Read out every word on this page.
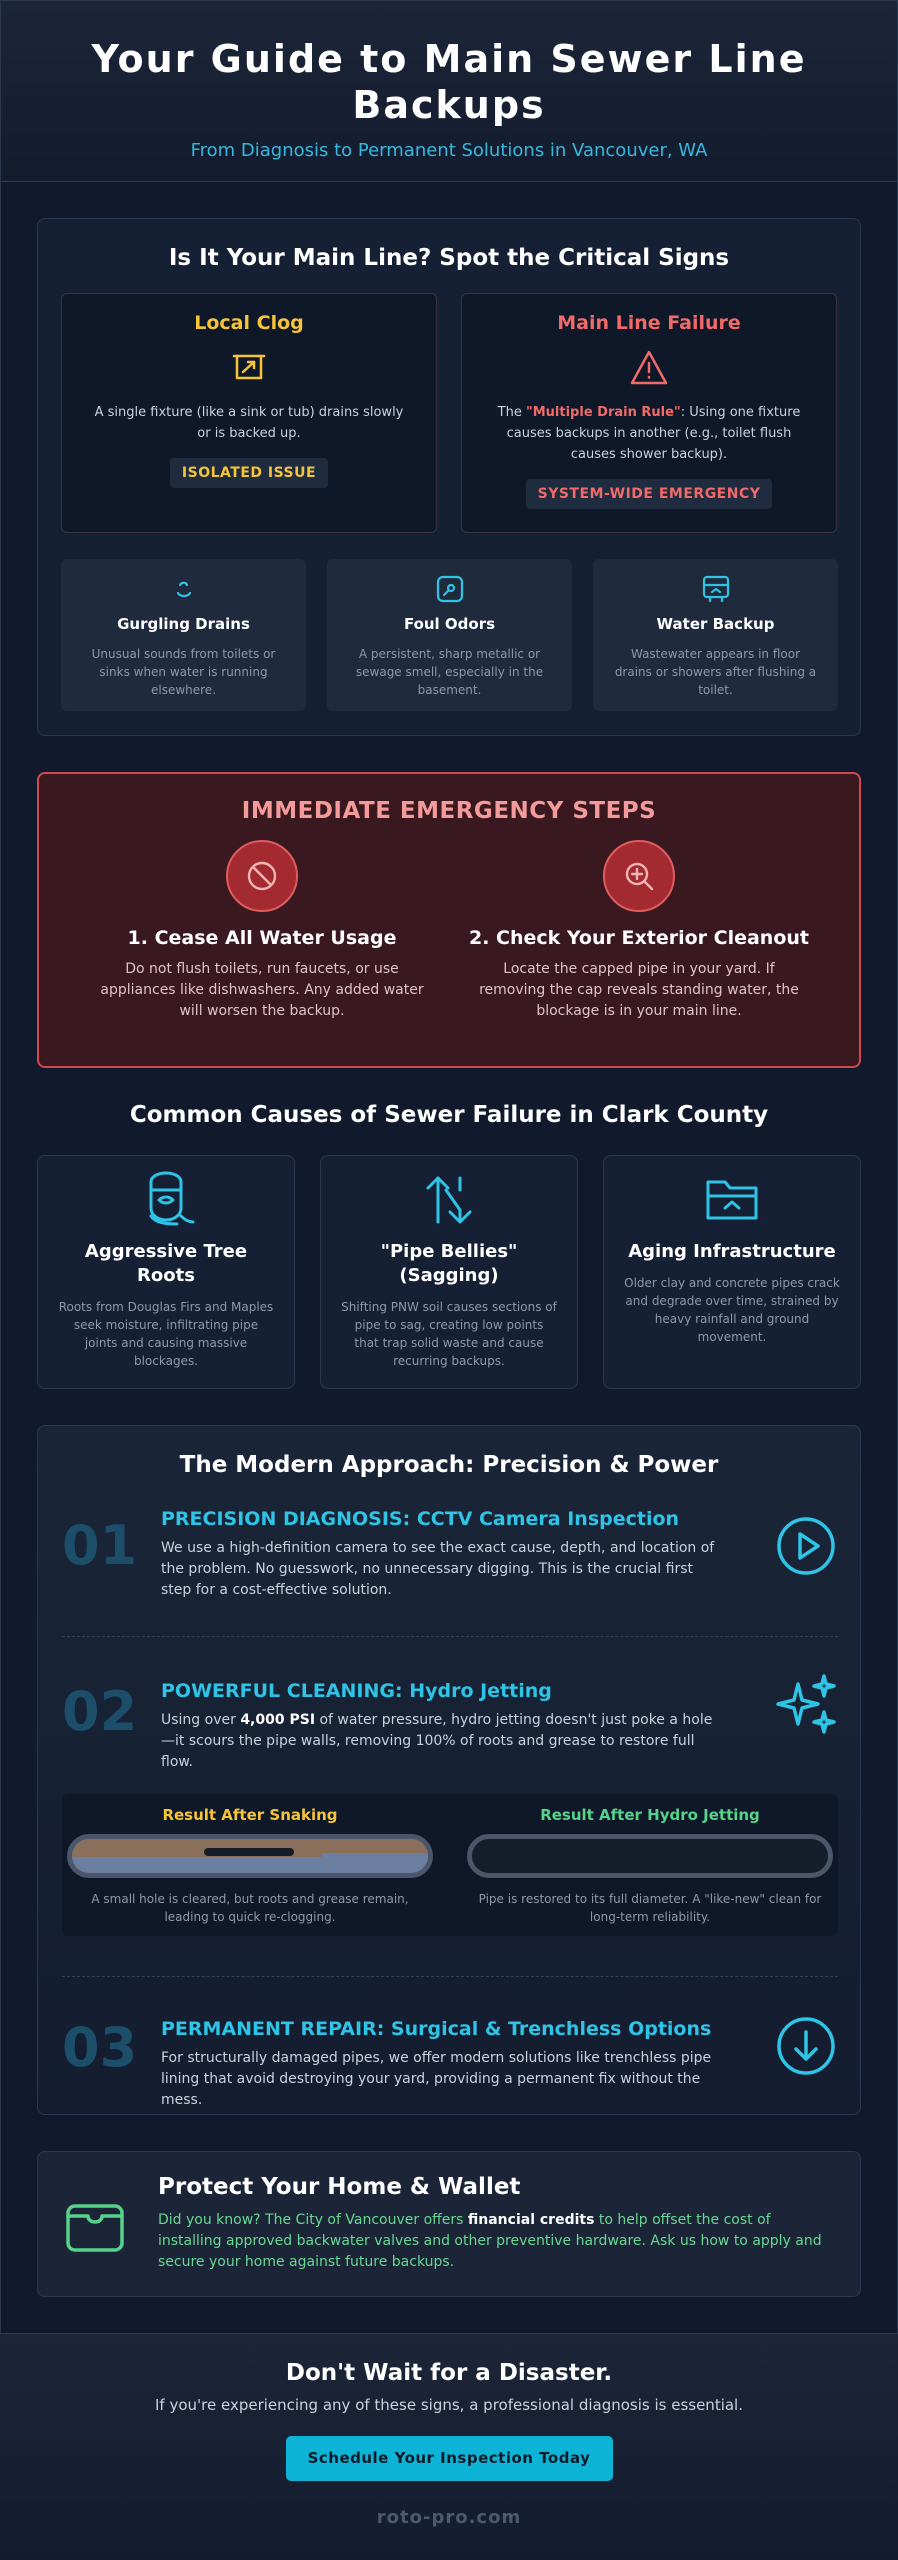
Your Guide to Main Sewer Line Backups
From Diagnosis to Permanent Solutions in Vancouver, WA
Is It Your Main Line? Spot the Critical Signs
Local Clog

A single fixture (like a sink or tub) drains slowly or is backed up.

ISOLATED ISSUE
Main Line Failure

The "Multiple Drain Rule": Using one fixture causes backups in another (e.g., toilet flush causes shower backup).

SYSTEM-WIDE EMERGENCY
Gurgling Drains

Unusual sounds from toilets or sinks when water is running elsewhere.

Foul Odors

A persistent, sharp metallic or sewage smell, especially in the basement.

Water Backup

Wastewater appears in floor drains or showers after flushing a toilet.

IMMEDIATE EMERGENCY STEPS
1. Cease All Water Usage

Do not flush toilets, run faucets, or use appliances like dishwashers. Any added water will worsen the backup.

2. Check Your Exterior Cleanout

Locate the capped pipe in your yard. If removing the cap reveals standing water, the blockage is in your main line.

Common Causes of Sewer Failure in Clark County
Aggressive Tree Roots

Roots from Douglas Firs and Maples seek moisture, infiltrating pipe joints and causing massive blockages.

"Pipe Bellies" (Sagging)

Shifting PNW soil causes sections of pipe to sag, creating low points that trap solid waste and cause recurring backups.

Aging Infrastructure

Older clay and concrete pipes crack and degrade over time, strained by heavy rainfall and ground movement.

The Modern Approach: Precision & Power
01 PRECISION DIAGNOSIS: CCTV Camera Inspection

We use a high-definition camera to see the exact cause, depth, and location of the problem. No guesswork, no unnecessary digging. This is the crucial first step for a cost-effective solution.

02 POWERFUL CLEANING: Hydro Jetting

Using over 4,000 PSI of water pressure, hydro jetting doesn't just poke a hole—it scours the pipe walls, removing 100% of roots and grease to restore full flow.

Result After Snaking

A small hole is cleared, but roots and grease remain, leading to quick re-clogging.

Result After Hydro Jetting

Pipe is restored to its full diameter. A "like-new" clean for long-term reliability.

03 PERMANENT REPAIR: Surgical & Trenchless Options

For structurally damaged pipes, we offer modern solutions like trenchless pipe lining that avoid destroying your yard, providing a permanent fix without the mess.

Protect Your Home & Wallet

Did you know? The City of Vancouver offers financial credits to help offset the cost of installing approved backwater valves and other preventive hardware. Ask us how to apply and secure your home against future backups.

Don't Wait for a Disaster.

If you're experiencing any of these signs, a professional diagnosis is essential.

Schedule Your Inspection Today
roto-pro.com
